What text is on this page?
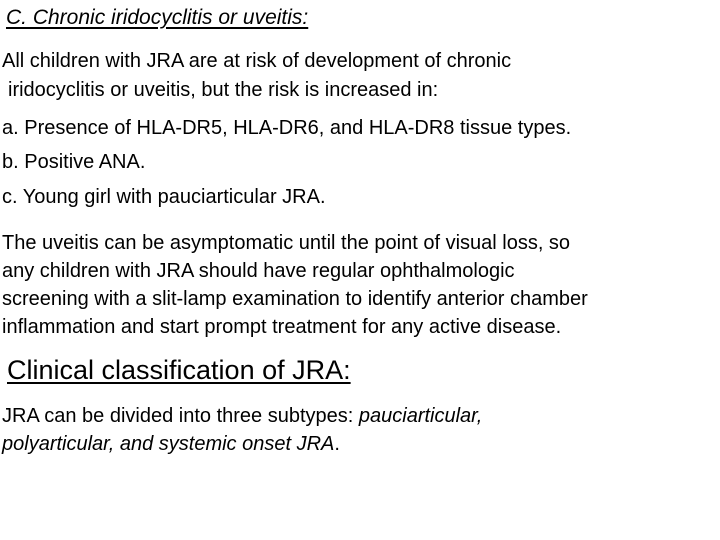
C. Chronic iridocyclitis or uveitis:
All children with JRA are at risk of development of chronic
iridocyclitis or uveitis, but the risk is increased in:
a. Presence of HLA-DR5, HLA-DR6, and HLA-DR8 tissue types.
b. Positive ANA.
c. Young girl with pauciarticular JRA.
The uveitis can be asymptomatic until the point of visual loss, so
any children with JRA should have regular ophthalmologic
screening with a slit-lamp examination to identify anterior chamber
inflammation and start prompt treatment for any active disease.
Clinical classification of JRA:
JRA can be divided into three subtypes: pauciarticular,
polyarticular, and systemic onset JRA.
